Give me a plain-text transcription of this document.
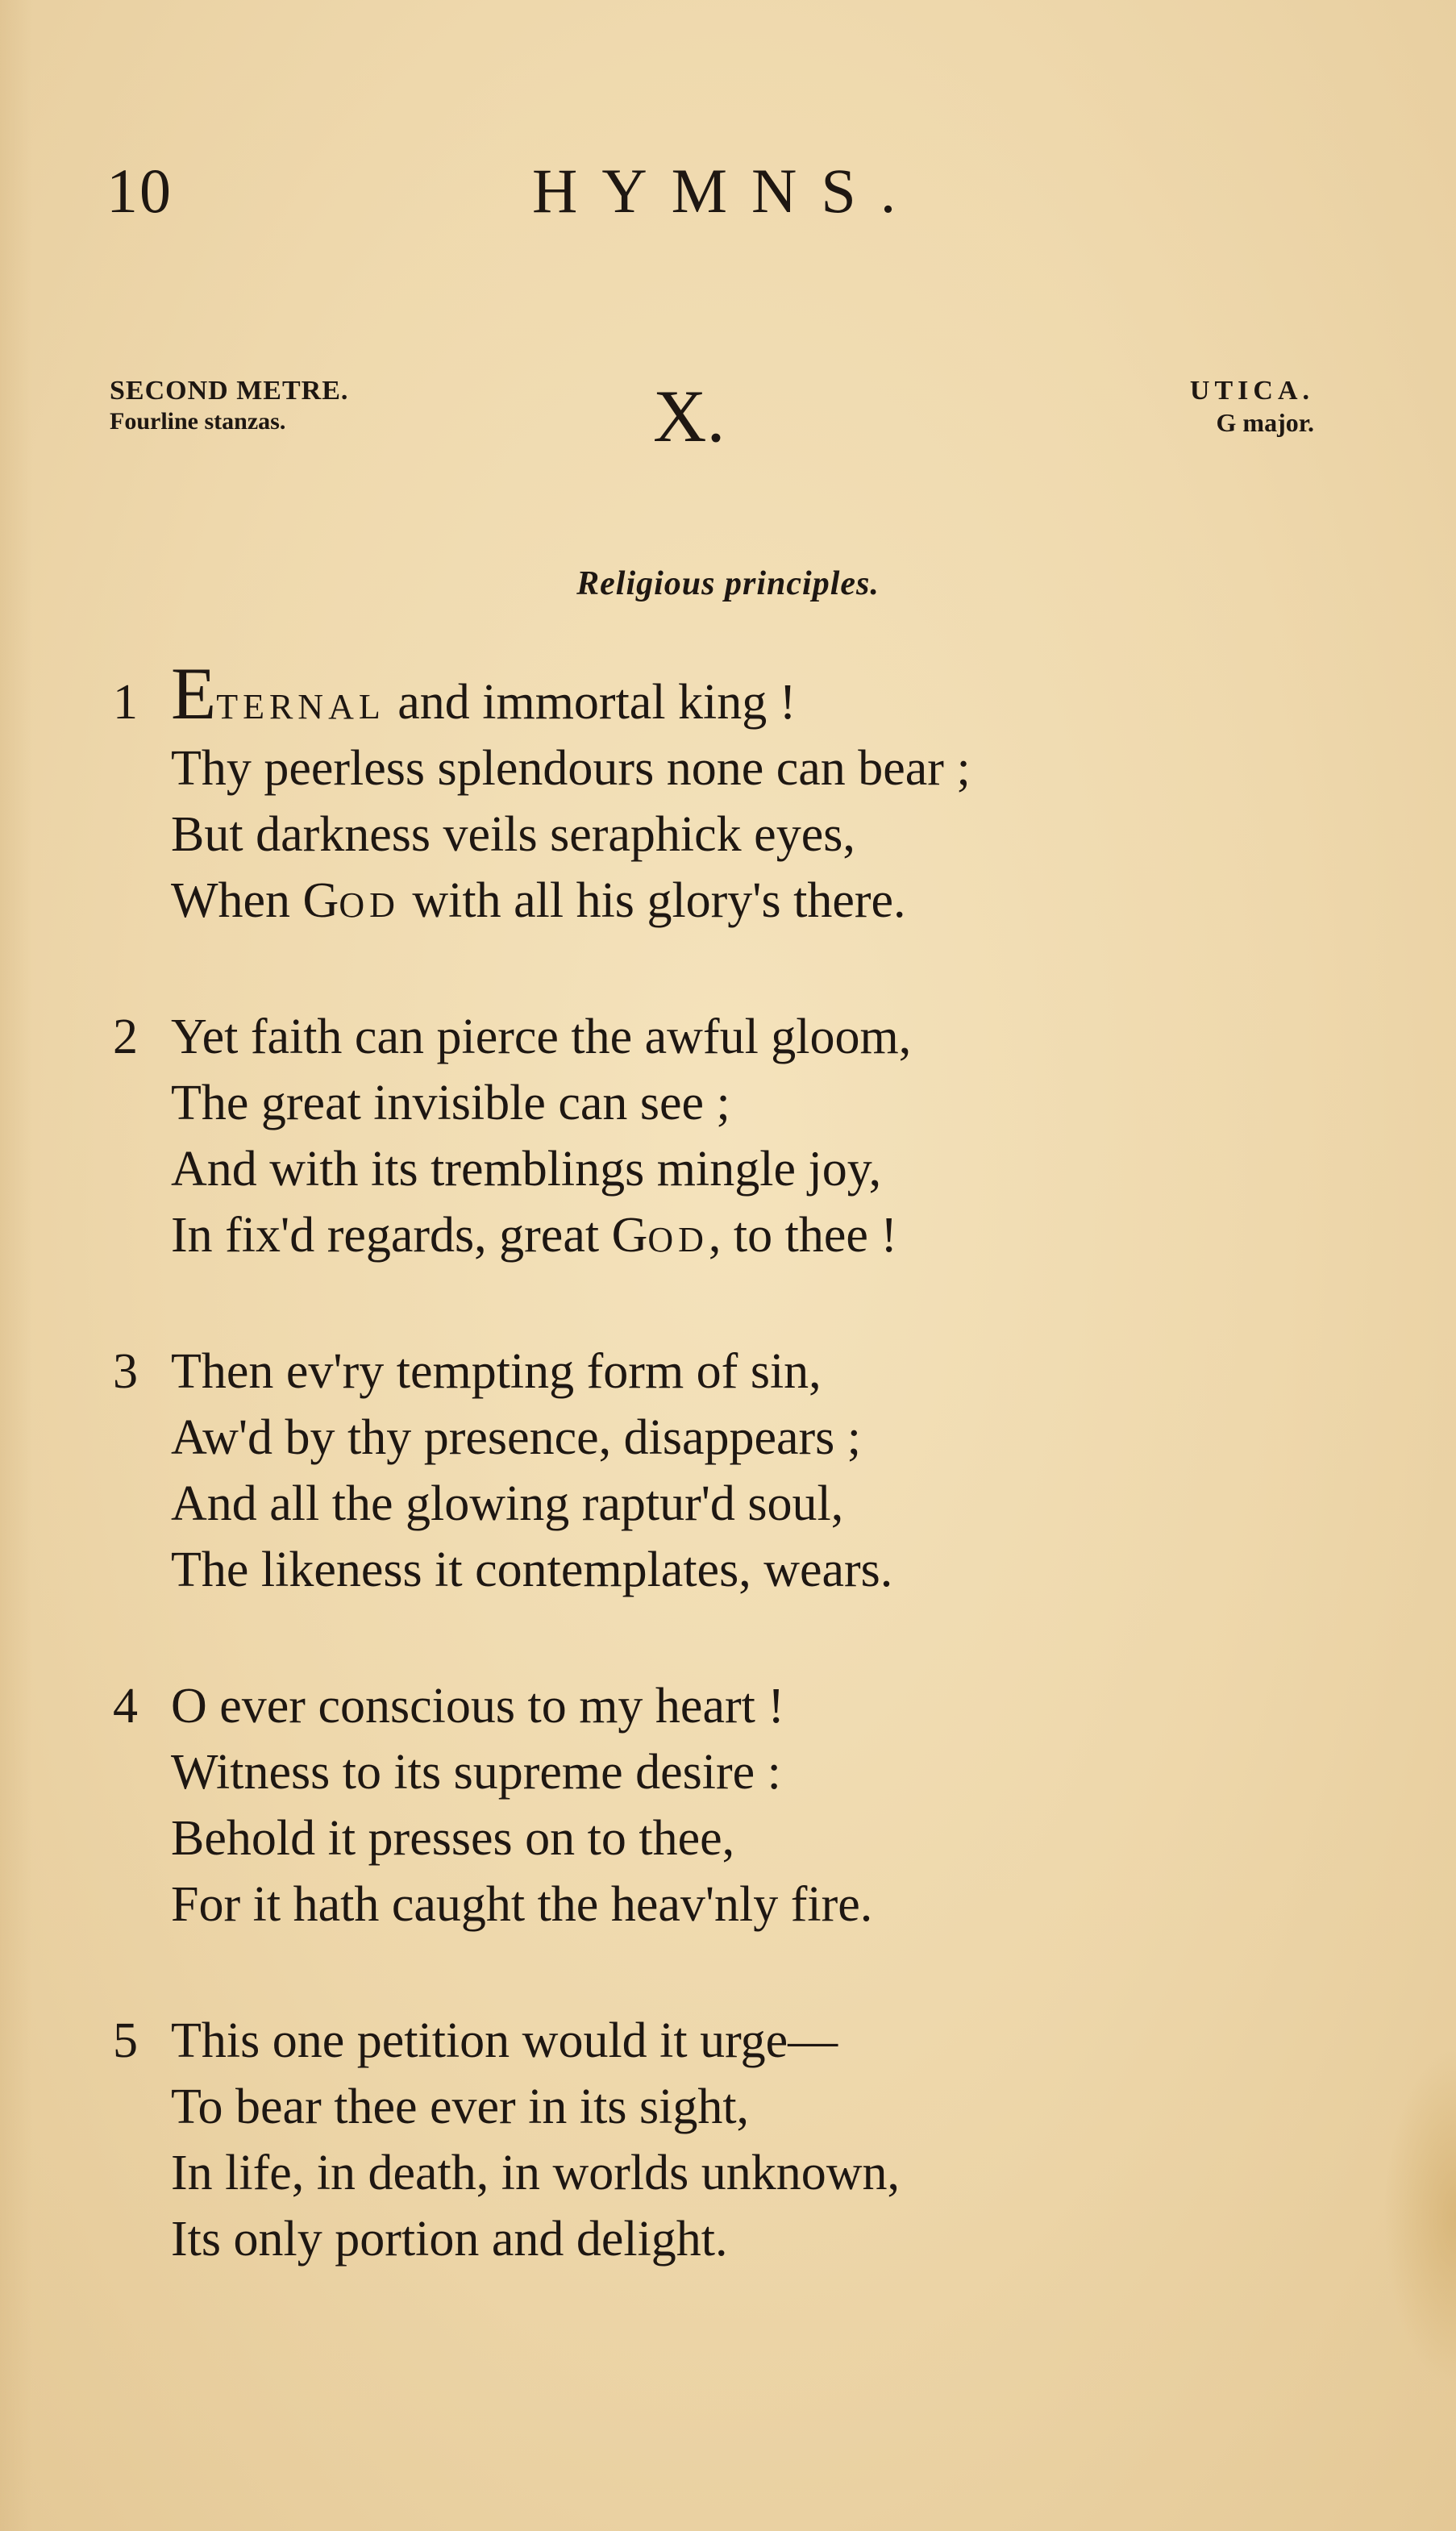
10	HYMNS.
SECOND METRE.
Fourline stanzas.	X.	UTICA.
G major.
Religious principles.
1 ETERNAL and immortal king !
Thy peerless splendours none can bear ;
But darkness veils seraphick eyes,
When GOD with all his glory's there.
2 Yet faith can pierce the awful gloom,
The great invisible can see ;
And with its tremblings mingle joy,
In fix'd regards, great GOD, to thee !
3 Then ev'ry tempting form of sin,
Aw'd by thy presence, disappears ;
And all the glowing raptur'd soul,
The likeness it contemplates, wears.
4 O ever conscious to my heart !
Witness to its supreme desire :
Behold it presses on to thee,
For it hath caught the heav'nly fire.
5 This one petition would it urge—
To bear thee ever in its sight,
In life, in death, in worlds unknown,
Its only portion and delight.
